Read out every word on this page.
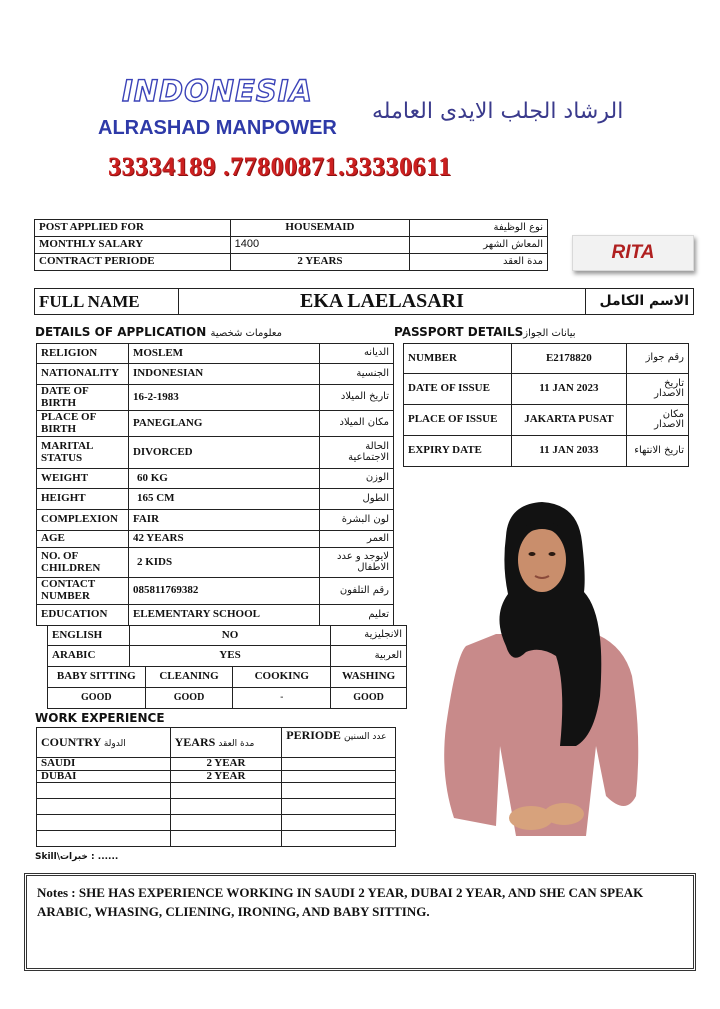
INDONESIA
ALRASHAD MANPOWER
الرشاد الجلب الايدى العامله
33334189 .77800871.33330611
POST APPLIED FOR	HOUSEMAID	نوع الوظيفة
MONTHLY SALARY	1400	المعاش الشهر
CONTRACT PERIODE	2 YEARS	مدة العقد	RITA
FULL NAME	EKA LAELASARI	الاسم الكامل
DETAILS OF APPLICATION معلومات شخصية	PASSPORT DETAILSبيانات الجواز
RELIGION	MOSLEM	الديانه
NATIONALITY	INDONESIAN	الجنسية
DATE OF BIRTH	16-2-1983	تاريخ الميلاد
PLACE OF BIRTH	PANEGLANG	مكان الميلاد
MARITAL STATUS	DIVORCED	الحالة الاجتماعية
WEIGHT	60 KG	الوزن
HEIGHT	165 CM	الطول
COMPLEXION	FAIR	لون البشرة
AGE	42 YEARS	العمر
NO. OF CHILDREN	2 KIDS	لايوجد و عدد الاطفال
CONTACT NUMBER	085811769382	رقم التلفون
EDUCATION	ELEMENTARY SCHOOL	تعليم
NUMBER	E2178820	رقم جواز
DATE OF ISSUE	11 JAN 2023	تاريخ الاصدار
PLACE OF ISSUE	JAKARTA PUSAT	مكان الاصدار
EXPIRY DATE	11 JAN 2033	تاريخ الانتهاء
ENGLISH	NO	الانجليزية
ARABIC	YES	العربية
BABY SITTING	CLEANING	COOKING	WASHING
GOOD	GOOD	-	GOOD
WORK EXPERIENCE
COUNTRY الدولة	YEARS مدة العقد	PERIODE عدد السنين
SAUDI	2 YEAR	
DUBAI	2 YEAR	

Skill\خبرات : ......
Notes : SHE HAS EXPERIENCE WORKING IN SAUDI 2 YEAR, DUBAI 2 YEAR, AND SHE CAN SPEAK ARABIC, WHASING, CLIENING, IRONING, AND BABY SITTING.
